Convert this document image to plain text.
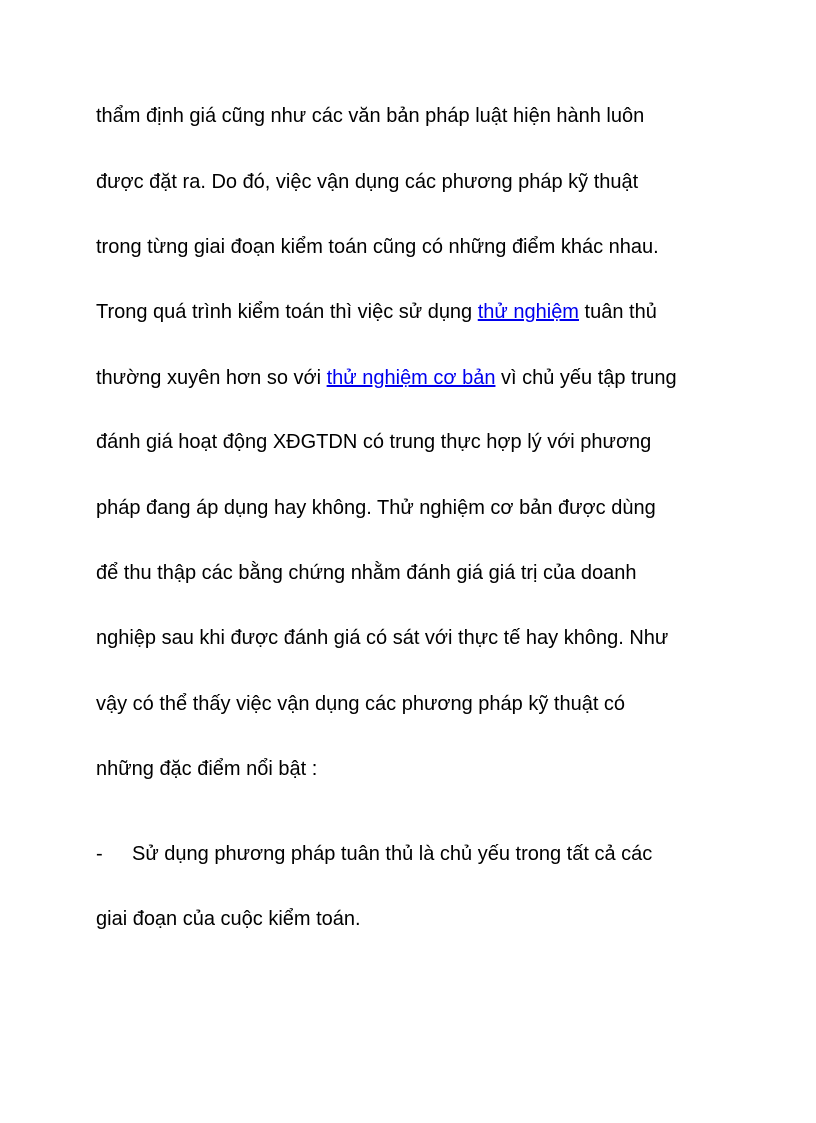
thẩm định giá cũng như các văn bản pháp luật hiện hành luôn
được đặt ra. Do đó, việc vận dụng các phương pháp kỹ thuật
trong từng giai đoạn kiểm toán cũng có những điểm khác nhau.
Trong quá trình kiểm toán thì việc sử dụng thử nghiệm tuân thủ
thường xuyên hơn so với thử nghiệm cơ bản vì chủ yếu tập trung
đánh giá hoạt động XĐGTDN có trung thực hợp lý với phương
pháp đang áp dụng hay không. Thử nghiệm cơ bản được dùng
để thu thập các bằng chứng nhằm đánh giá giá trị của doanh
nghiệp sau khi được đánh giá có sát với thực tế hay không. Như
vậy có thể thấy việc vận dụng các phương pháp kỹ thuật có
những đặc điểm nổi bật :
- Sử dụng phương pháp tuân thủ là chủ yếu trong tất cả các
giai đoạn của cuộc kiểm toán.
